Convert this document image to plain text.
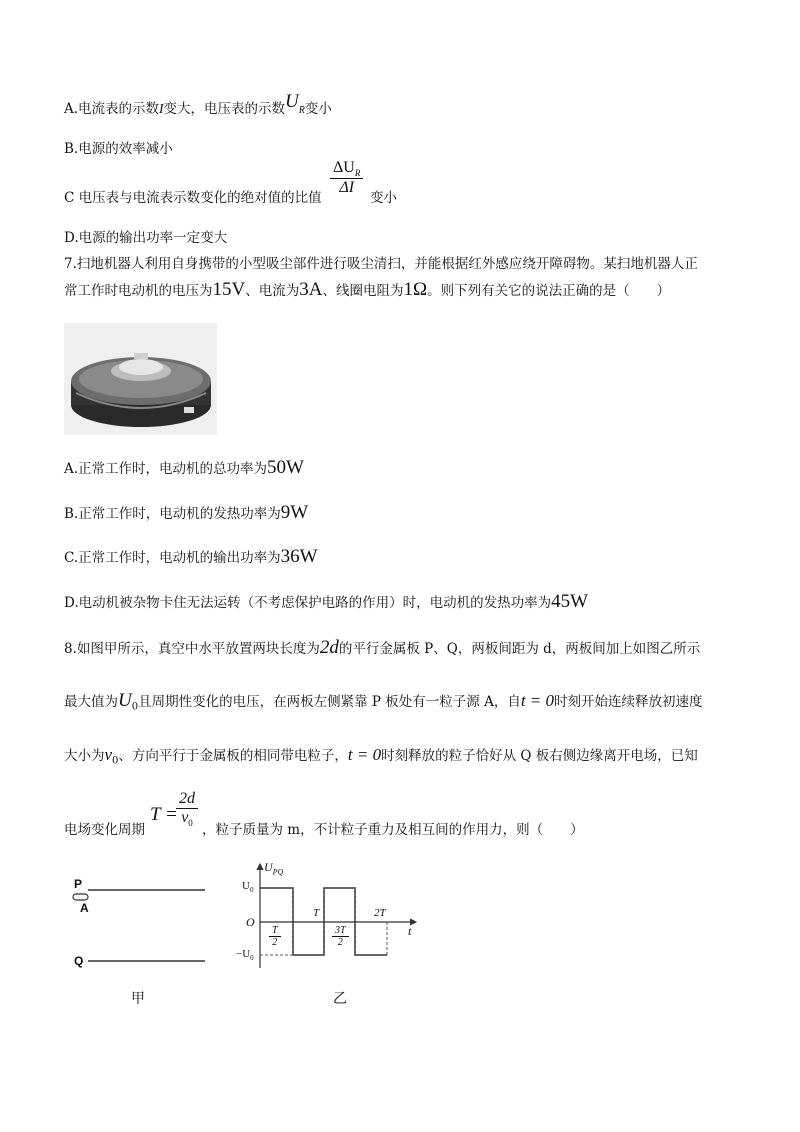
A.电流表的示数I变大，电压表的示数$U_R$变小
B.电源的效率减小
C 电压表与电流表示数变化的绝对值的比值
$\Delta U_R$
ΔI
变小
D.电源的输出功率一定变大
7.扫地机器人利用自身携带的小型吸尘部件进行吸尘清扫，并能根据红外感应绕开障碍物。某扫地机器人正
常工作时电动机的电压为15V、电流为3A、线圈电阻为1Ω。则下列有关它的说法正确的是（　　）
A.正常工作时，电动机的总功率为50W
B.正常工作时，电动机的发热功率为9W
C.正常工作时，电动机的输出功率为36W
D.电动机被杂物卡住无法运转（不考虑保护电路的作用）时，电动机的发热功率为45W
8.如图甲所示，真空中水平放置两块长度为2d的平行金属板 P、Q，两板间距为 d，两板间加上如图乙所示
最大值为$U_0$且周期性变化的电压，在两板左侧紧靠 P 板处有一粒子源 A，自t = 0时刻开始连续释放初速度
大小为$v_0$、方向平行于金属板的相同带电粒子，t = 0时刻释放的粒子恰好从 Q 板右侧边缘离开电场，已知
电场变化周期
T =
$\frac{2d}{v_0}$
，粒子质量为 m，不计粒子重力及相互间的作用力，则（　　）
P
A
Q
甲
$U_{PQ}$
t
O
$U_0$
$-U_0$
T	2T
$\frac{T}{2}$	$\frac{3T}{2}$
乙
